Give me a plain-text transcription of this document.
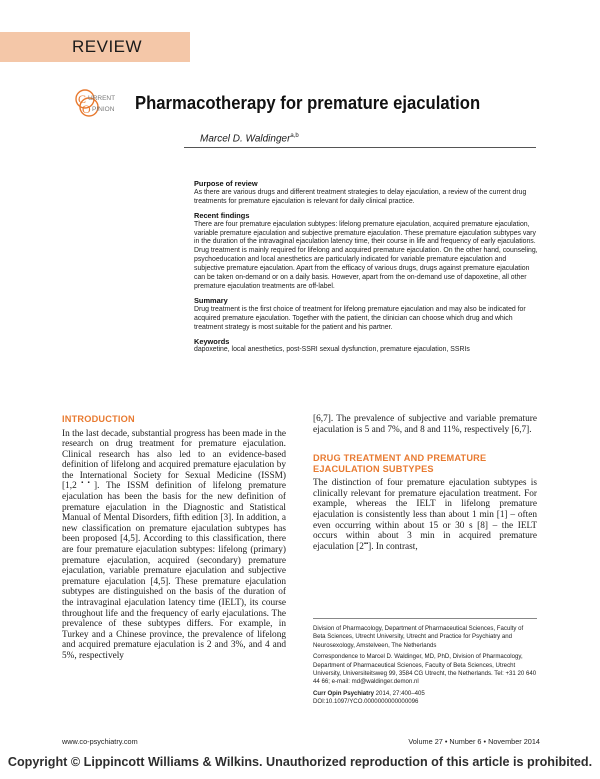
REVIEW
C
O
URRENT
PINION Pharmacotherapy for premature ejaculation
Marcel D. Waldinger$^{a,b}$
Purpose of review

As there are various drugs and different treatment strategies to delay ejaculation, a review of the current drug treatments for premature ejaculation is relevant for daily clinical practice.

Recent findings

There are four premature ejaculation subtypes: lifelong premature ejaculation, acquired premature ejaculation, variable premature ejaculation and subjective premature ejaculation. These premature ejaculation subtypes vary in the duration of the intravaginal ejaculation latency time, their course in life and frequency of early ejaculations. Drug treatment is mainly required for lifelong and acquired premature ejaculation. On the other hand, counseling, psychoeducation and local anesthetics are particularly indicated for variable premature ejaculation and subjective premature ejaculation. Apart from the efficacy of various drugs, drugs against premature ejaculation can be taken on-demand or on a daily basis. However, apart from the on-demand use of dapoxetine, all other premature ejaculation treatments are off-label.

Summary

Drug treatment is the first choice of treatment for lifelong premature ejaculation and may also be indicated for acquired premature ejaculation. Together with the patient, the clinician can choose which drug and which treatment strategy is most suitable for the patient and his partner.

Keywords

dapoxetine, local anesthetics, post-SSRI sexual dysfunction, premature ejaculation, SSRIs

INTRODUCTION

In the last decade, substantial progress has been made in the research on drug treatment for premature ejaculation. Clinical research has also led to an evidence-based definition of lifelong and acquired premature ejaculation by the International Society for Sexual Medicine (ISSM) [1,2▪▪]. The ISSM definition of lifelong premature ejaculation has been the basis for the new definition of premature ejaculation in the Diagnostic and Statistical Manual of Mental Disorders, fifth edition [3]. In addition, a new classification on premature ejaculation subtypes has been proposed [4,5]. According to this classification, there are four premature ejaculation subtypes: lifelong (primary) premature ejaculation, acquired (secondary) premature ejaculation, variable premature ejaculation and subjective premature ejaculation [4,5]. These premature ejaculation subtypes are distinguished on the basis of the duration of the intravaginal ejaculation latency time (IELT), its course throughout life and the frequency of early ejaculations. The prevalence of these subtypes differs. For example, in Turkey and a Chinese province, the prevalence of lifelong and acquired premature ejaculation is 2 and 3%, and 4 and 5%, respectively

[6,7]. The prevalence of subjective and variable premature ejaculation is 5 and 7%, and 8 and 11%, respectively [6,7].

DRUG TREATMENT AND PREMATURE
EJACULATION SUBTYPES

The distinction of four premature ejaculation subtypes is clinically relevant for premature ejaculation treatment. For example, whereas the IELT in lifelong premature ejaculation is consistently less than about 1 min [1] – often even occurring within about 15 or 30 s [8] – the IELT occurs within about 3 min in acquired premature ejaculation [2▪▪]. In contrast,

Division of Pharmacology, Department of Pharmaceutical Sciences, Faculty of Beta Sciences, Utrecht University, Utrecht and Practice for Psychiatry and Neurosexology, Amstelveen, The Netherlands

Correspondence to Marcel D. Waldinger, MD, PhD, Division of Pharmacology, Department of Pharmaceutical Sciences, Faculty of Beta Sciences, Utrecht University, Universiteitsweg 99, 3584 CG Utrecht, the Netherlands. Tel: +31 20 640 44 66; e-mail: md@waldinger.demon.nl

Curr Opin Psychiatry 2014, 27:400–405
DOI:10.1097/YCO.0000000000000096

www.co-psychiatry.com	Volume 27 • Number 6 • November 2014
Copyright © Lippincott Williams & Wilkins. Unauthorized reproduction of this article is prohibited.
